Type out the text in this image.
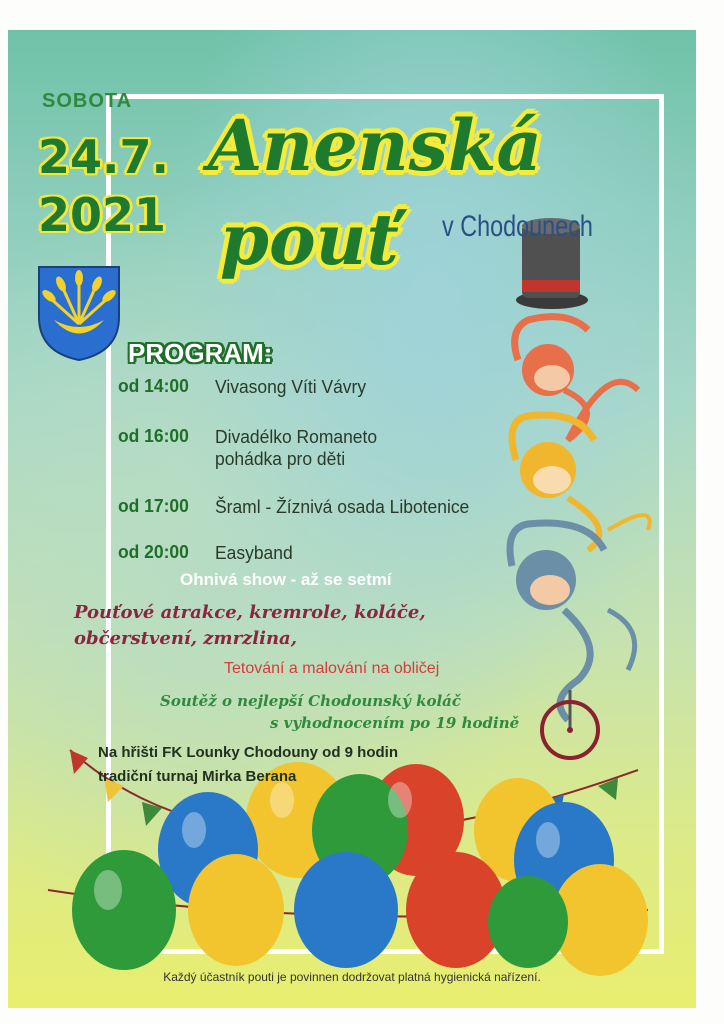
SOBOTA
24.7.
2021
Anenská
pouť v Chodounech
PROGRAM:
od 14:00 Vivasong Víti Vávry
od 16:00 Divadélko Romaneto
pohádka pro děti
od 17:00 Šraml - Žíznivá osada Libotenice
od 20:00 Easyband
Ohnivá show - až se setmí
Pouťové atrakce, kremrole, koláče,
občerstvení, zmrzlina,
Tetování a malování na obličej
Soutěž o nejlepší Chodounský koláč
s vyhodnocením po 19 hodině
Na hřišti FK Lounky Chodouny od 9 hodin
tradiční turnaj Mirka Berana
Každý účastník pouti je povinnen dodržovat platná hygienická nařízení.
